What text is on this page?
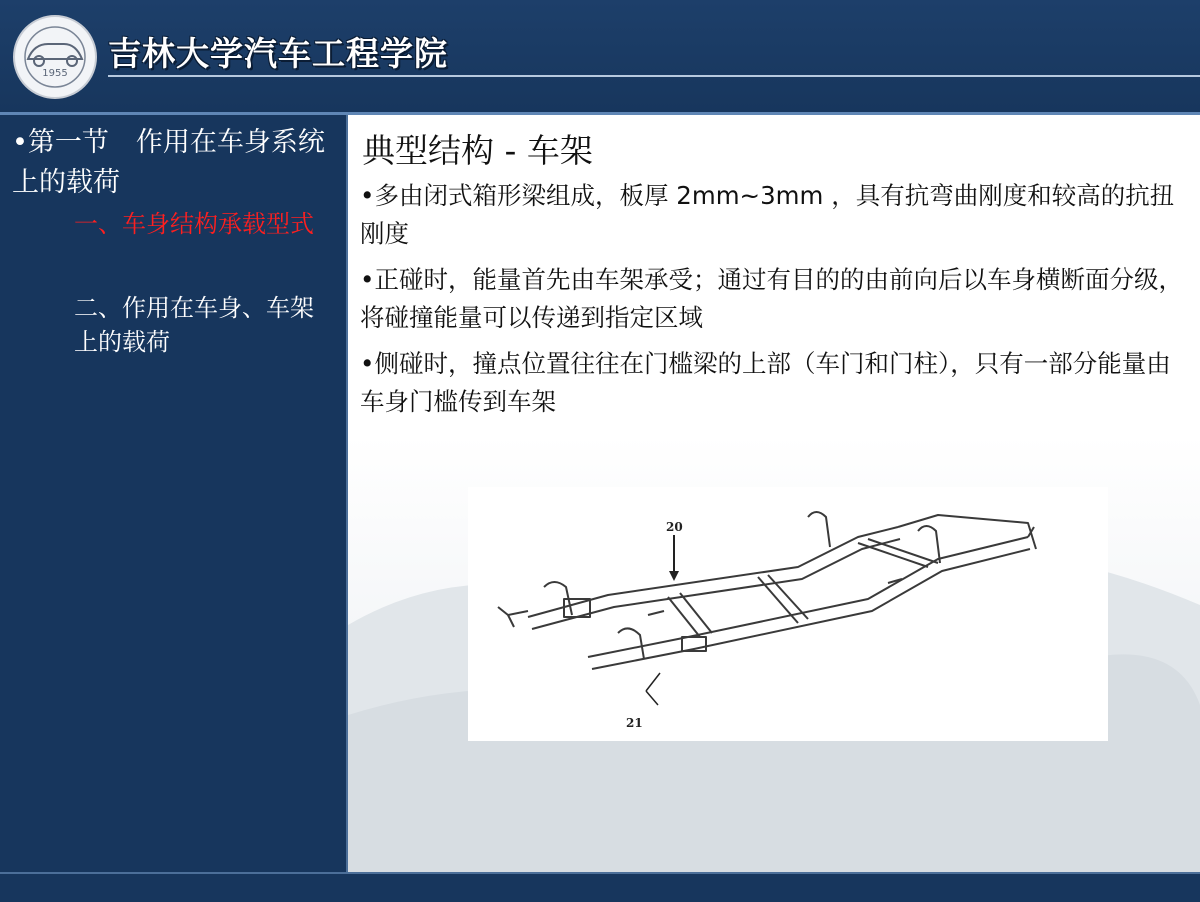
1955
吉林大学汽车工程学院
•第一节　作用在车身系统上的载荷
一、车身结构承载型式
二、作用在车身、车架上的载荷
典型结构 - 车架

•多由闭式箱形梁组成，板厚 2mm~3mm ，具有抗弯曲刚度和较高的抗扭刚度

•正碰时，能量首先由车架承受；通过有目的的由前向后以车身横断面分级，将碰撞能量可以传递到指定区域

•侧碰时，撞点位置往往在门槛梁的上部（车门和门柱），只有一部分能量由车身门槛传到车架

20
21
